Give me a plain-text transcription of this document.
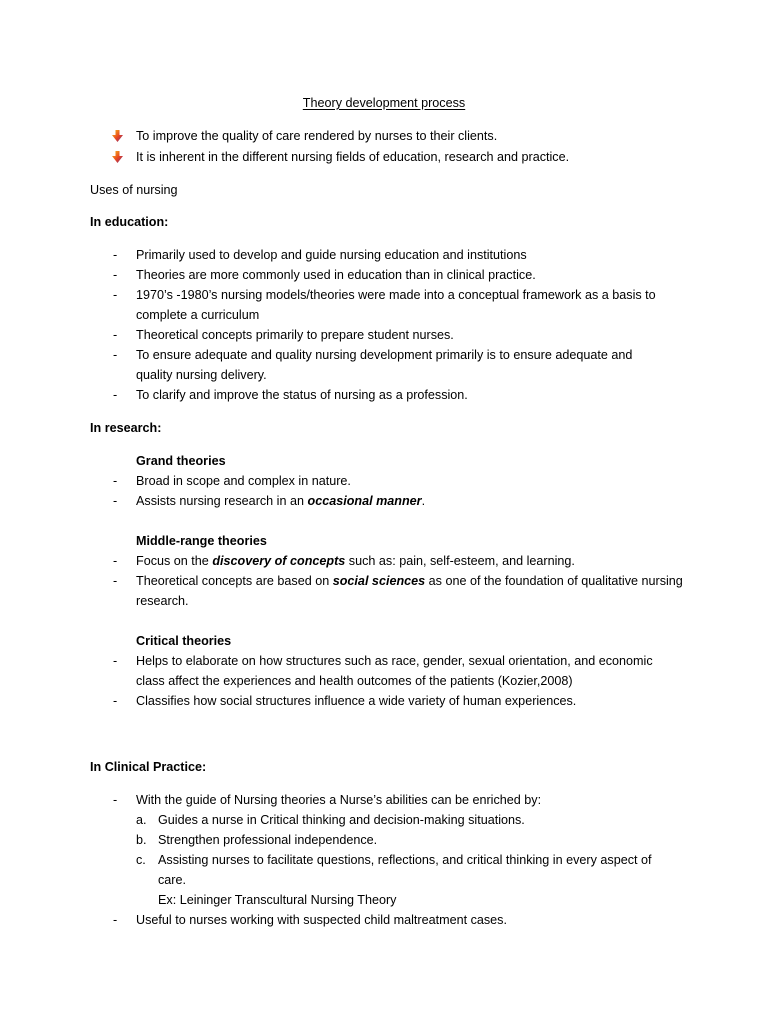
Theory development process
To improve the quality of care rendered by nurses to their clients.
It is inherent in the different nursing fields of education, research and practice.
Uses of nursing
In education:
- Primarily used to develop and guide nursing education and institutions
- Theories are more commonly used in education than in clinical practice.
- 1970’s -1980’s nursing models/theories were made into a conceptual framework as a basis to
complete a curriculum
- Theoretical concepts primarily to prepare student nurses.
- To ensure adequate and quality nursing development primarily is to ensure adequate and
quality nursing delivery.
- To clarify and improve the status of nursing as a profession.
In research:
Grand theories
- Broad in scope and complex in nature.
- Assists nursing research in an occasional manner.
Middle-range theories
- Focus on the discovery of concepts such as: pain, self-esteem, and learning.
- Theoretical concepts are based on social sciences as one of the foundation of qualitative nursing
research.
Critical theories
- Helps to elaborate on how structures such as race, gender, sexual orientation, and economic
class affect the experiences and health outcomes of the patients (Kozier,2008)
- Classifies how social structures influence a wide variety of human experiences.
In Clinical Practice:
- With the guide of Nursing theories a Nurse’s abilities can be enriched by:
a. Guides a nurse in Critical thinking and decision-making situations.
b. Strengthen professional independence.
c. Assisting nurses to facilitate questions, reflections, and critical thinking in every aspect of
care.
Ex: Leininger Transcultural Nursing Theory
- Useful to nurses working with suspected child maltreatment cases.
